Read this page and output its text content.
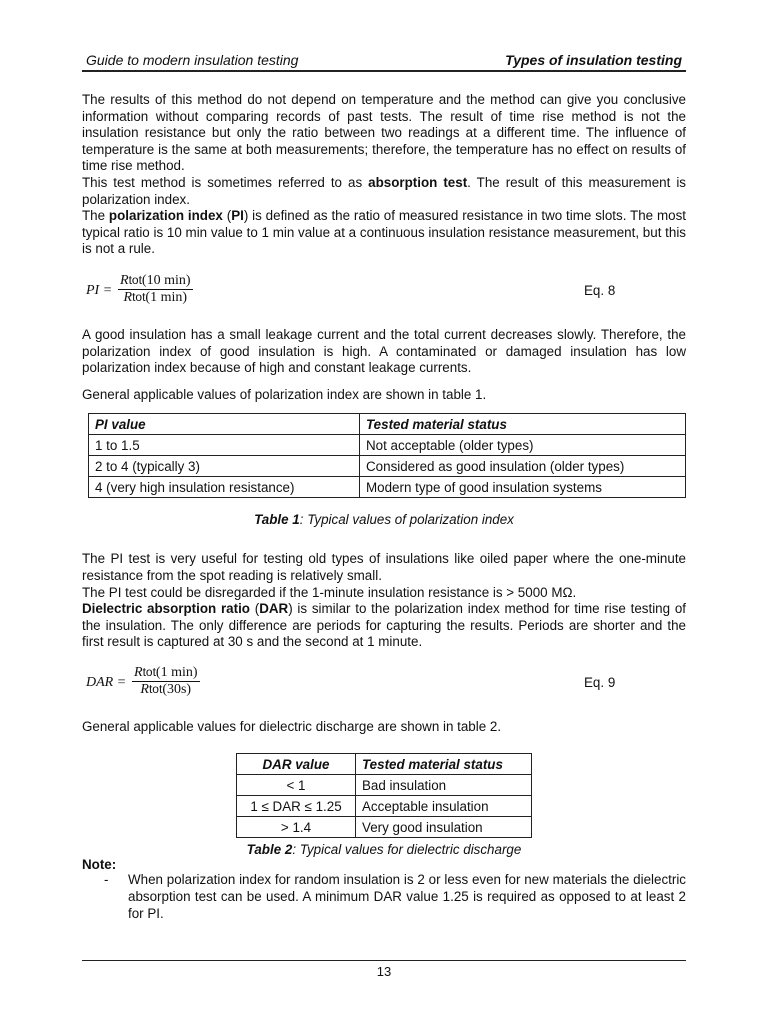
Guide to modern insulation testing	Types of insulation testing

The results of this method do not depend on temperature and the method can give you conclusive information without comparing records of past tests. The result of time rise method is not the insulation resistance but only the ratio between two readings at a different time. The influence of temperature is the same at both measurements; therefore, the temperature has no effect on results of time rise method.

This test method is sometimes referred to as absorption test. The result of this measurement is polarization index.

The polarization index (PI) is defined as the ratio of measured resistance in two time slots. The most typical ratio is 10 min value to 1 min value at a continuous insulation resistance measurement, but this is not a rule.

PI =
Rtot(10 min)
Rtot(1 min)	Eq. 8

A good insulation has a small leakage current and the total current decreases slowly. Therefore, the polarization index of good insulation is high. A contaminated or damaged insulation has low polarization index because of high and constant leakage currents.

General applicable values of polarization index are shown in table 1.

PI value	Tested material status
1 to 1.5	Not acceptable (older types)
2 to 4 (typically 3)	Considered as good insulation (older types)
4 (very high insulation resistance)	Modern type of good insulation systems
Table 1: Typical values of polarization index

The PI test is very useful for testing old types of insulations like oiled paper where the one-minute resistance from the spot reading is relatively small.

The PI test could be disregarded if the 1-minute insulation resistance is > 5000 MΩ.

Dielectric absorption ratio (DAR) is similar to the polarization index method for time rise testing of the insulation. The only difference are periods for capturing the results. Periods are shorter and the first result is captured at 30 s and the second at 1 minute.

DAR =
Rtot(1 min)
Rtot(30s)	Eq. 9

General applicable values for dielectric discharge are shown in table 2.

DAR value	Tested material status
< 1	Bad insulation
1 ≤ DAR ≤ 1.25	Acceptable insulation
> 1.4	Very good insulation
Table 2: Typical values for dielectric discharge
Note:

- When polarization index for random insulation is 2 or less even for new materials the dielectric absorption test can be used. A minimum DAR value 1.25 is required as opposed to at least 2 for PI.

13
